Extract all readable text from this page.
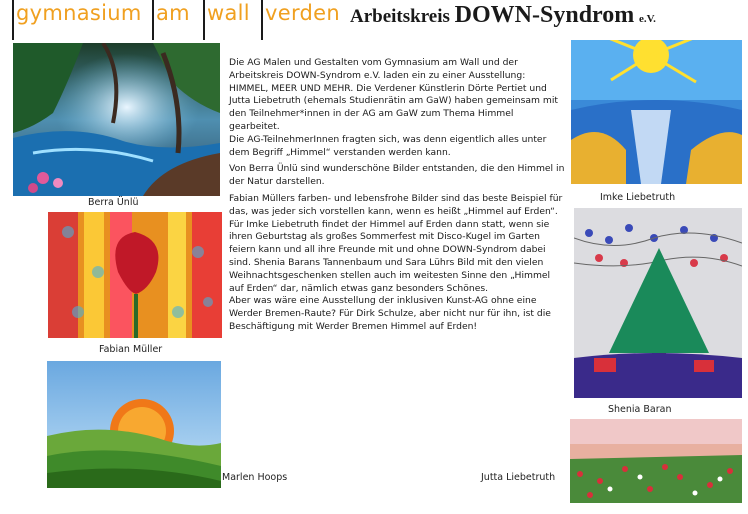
gymnasium am wall verden Arbeitskreis DOWN-Syndrom e.V.
Berra Ünlü
Fabian Müller

Die AG Malen und Gestalten vom Gymnasium am Wall und der Arbeitskreis DOWN-Syndrom e.V. laden ein zu einer Ausstellung: HIMMEL, MEER UND MEHR. Die Verdener Künstlerin Dörte Pertiet und Jutta Liebetruth (ehemals Studienrätin am GaW) haben gemeinsam mit den Teilnehmer*innen in der AG am GaW zum Thema Himmel gearbeitet.

Die AG-TeilnehmerInnen fragten sich, was denn eigentlich alles unter dem Begriff „Himmel“ verstanden werden kann.

Von Berra Ünlü sind wunderschöne Bilder entstanden, die den Himmel in der Natur darstellen.

Fabian Müllers farben- und lebensfrohe Bilder sind das beste Beispiel für das, was jeder sich vorstellen kann, wenn es heißt „Himmel auf Erden“.

Für Imke Liebetruth findet der Himmel auf Erden dann statt, wenn sie ihren Geburtstag als großes Sommerfest mit Disco-Kugel im Garten feiern kann und all ihre Freunde mit und ohne DOWN-Syndrom dabei sind. Shenia Barans Tannenbaum und Sara Lührs Bild mit den vielen Weihnachtsgeschenken stellen auch im weitesten Sinne den „Himmel auf Erden“ dar, nämlich etwas ganz besonders Schönes.

Aber was wäre eine Ausstellung der inklusiven Kunst-AG ohne eine Werder Bremen-Raute? Für Dirk Schulze, aber nicht nur für ihn, ist die Beschäftigung mit Werder Bremen Himmel auf Erden!

Marlen Hoops	Jutta Liebetruth
Imke Liebetruth
Shenia Baran
